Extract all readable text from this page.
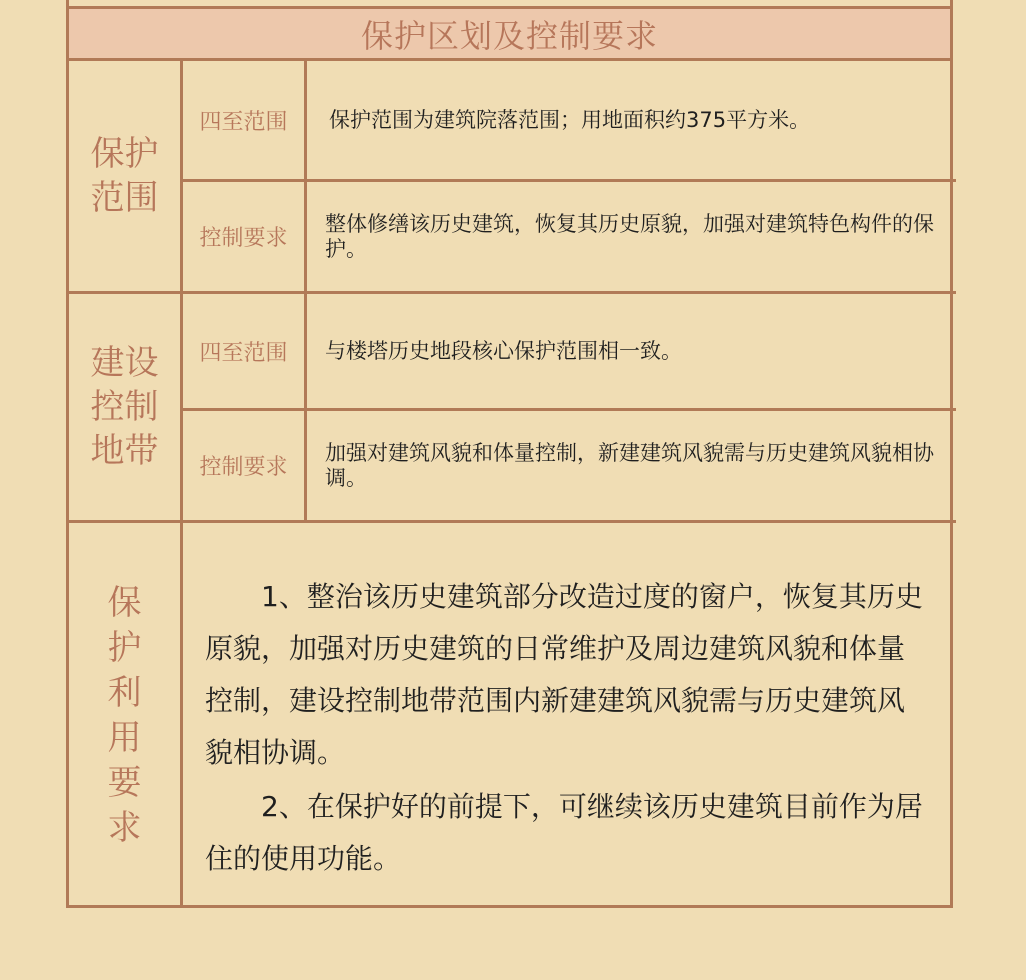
保护区划及控制要求
保护
范围
四至范围	保护范围为建筑院落范围；用地面积约375平方米。
控制要求
整体修缮该历史建筑，恢复其历史原貌，加强对建筑特色构件的保护。
建设
控制
地带
四至范围	与楼塔历史地段核心保护范围相一致。
控制要求
加强对建筑风貌和体量控制，新建建筑风貌需与历史建筑风貌相协调。
保
护
利
用
要
求

1、整治该历史建筑部分改造过度的窗户，恢复其历史原貌，加强对历史建筑的日常维护及周边建筑风貌和体量控制，建设控制地带范围内新建建筑风貌需与历史建筑风貌相协调。

2、在保护好的前提下，可继续该历史建筑目前作为居住的使用功能。
